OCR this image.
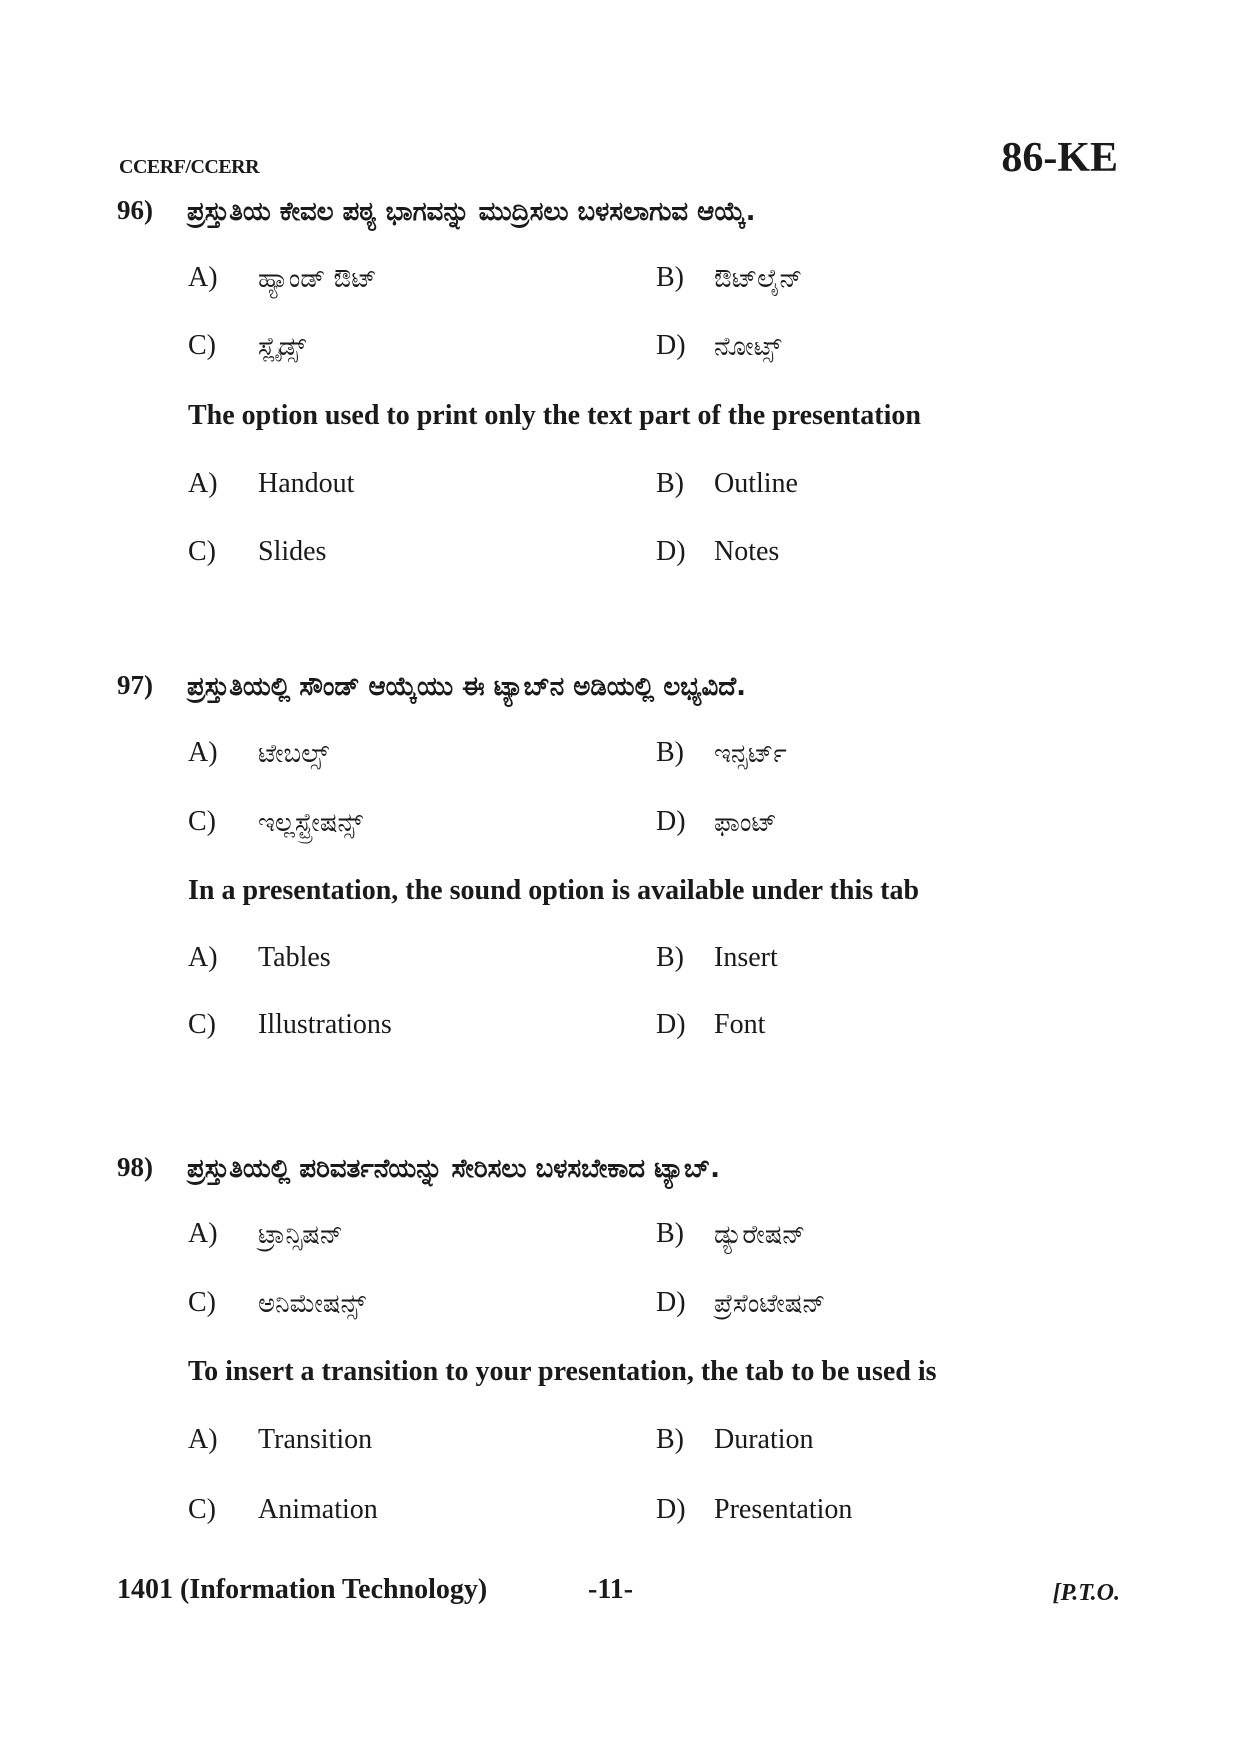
CCERF/CCERR	86-KE
96) ಪ್ರಸ್ತುತಿಯ ಕೇವಲ ಪಠ್ಯ ಭಾಗವನ್ನು ಮುದ್ರಿಸಲು ಬಳಸಲಾಗುವ ಆಯ್ಕೆ.
A) ಹ್ಯಾಂಡ್ ಔಟ್	B) ಔಟ್‌ಲೈನ್
C) ಸ್ಲೈಡ್ಸ್	D) ನೋಟ್ಸ್
The option used to print only the text part of the presentation
A) Handout	B) Outline
C) Slides	D) Notes
97) ಪ್ರಸ್ತುತಿಯಲ್ಲಿ ಸೌಂಡ್ ಆಯ್ಕೆಯು ಈ ಟ್ಯಾಬ್‌ನ ಅಡಿಯಲ್ಲಿ ಲಭ್ಯವಿದೆ.
A) ಟೇಬಲ್ಸ್	B) ಇನ್ಸರ್ಟ್
C) ಇಲ್ಲಸ್ಟ್ರೇಷನ್ಸ್	D) ಫಾಂಟ್
In a presentation, the sound option is available under this tab
A) Tables	B) Insert
C) Illustrations	D) Font
98) ಪ್ರಸ್ತುತಿಯಲ್ಲಿ ಪರಿವರ್ತನೆಯನ್ನು ಸೇರಿಸಲು ಬಳಸಬೇಕಾದ ಟ್ಯಾಬ್.
A) ಟ್ರಾನ್ಸಿಷನ್	B) ಡ್ಯುರೇಷನ್
C) ಅನಿಮೇಷನ್ಸ್	D) ಪ್ರೆಸೆಂಟೇಷನ್
To insert a transition to your presentation, the tab to be used is
A) Transition	B) Duration
C) Animation	D) Presentation
1401 (Information Technology)	-11-	[P.T.O.
